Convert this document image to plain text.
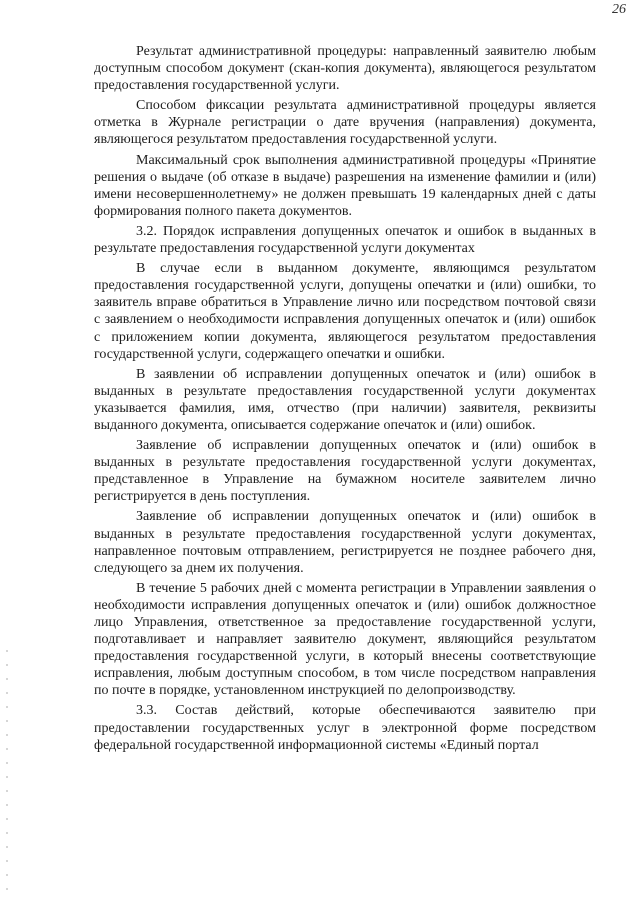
26

Результат административной процедуры: направленный заявителю любым доступным способом документ (скан-копия документа), являющегося результатом предоставления государственной услуги.

Способом фиксации результата административной процедуры является отметка в Журнале регистрации о дате вручения (направления) документа, являющегося результатом предоставления государственной услуги.

Максимальный срок выполнения административной процедуры «Принятие решения о выдаче (об отказе в выдаче) разрешения на изменение фамилии и (или) имени несовершеннолетнему» не должен превышать 19 календарных дней с даты формирования полного пакета документов.

3.2. Порядок исправления допущенных опечаток и ошибок в выданных в результате предоставления государственной услуги документах

В случае если в выданном документе, являющимся результатом предоставления государственной услуги, допущены опечатки и (или) ошибки, то заявитель вправе обратиться в Управление лично или посредством почтовой связи с заявлением о необходимости исправления допущенных опечаток и (или) ошибок с приложением копии документа, являющегося результатом предоставления государственной услуги, содержащего опечатки и ошибки.

В заявлении об исправлении допущенных опечаток и (или) ошибок в выданных в результате предоставления государственной услуги документах указывается фамилия, имя, отчество (при наличии) заявителя, реквизиты выданного документа, описывается содержание опечаток и (или) ошибок.

Заявление об исправлении допущенных опечаток и (или) ошибок в выданных в результате предоставления государственной услуги документах, представленное в Управление на бумажном носителе заявителем лично регистрируется в день поступления.

Заявление об исправлении допущенных опечаток и (или) ошибок в выданных в результате предоставления государственной услуги документах, направленное почтовым отправлением, регистрируется не позднее рабочего дня, следующего за днем их получения.

В течение 5 рабочих дней с момента регистрации в Управлении заявления о необходимости исправления допущенных опечаток и (или) ошибок должностное лицо Управления, ответственное за предоставление государственной услуги, подготавливает и направляет заявителю документ, являющийся результатом предоставления государственной услуги, в который внесены соответствующие исправления, любым доступным способом, в том числе посредством направления по почте в порядке, установленном инструкцией по делопроизводству.

3.3. Состав действий, которые обеспечиваются заявителю при предоставлении государственных услуг в электронной форме посредством федеральной государственной информационной системы «Единый портал
